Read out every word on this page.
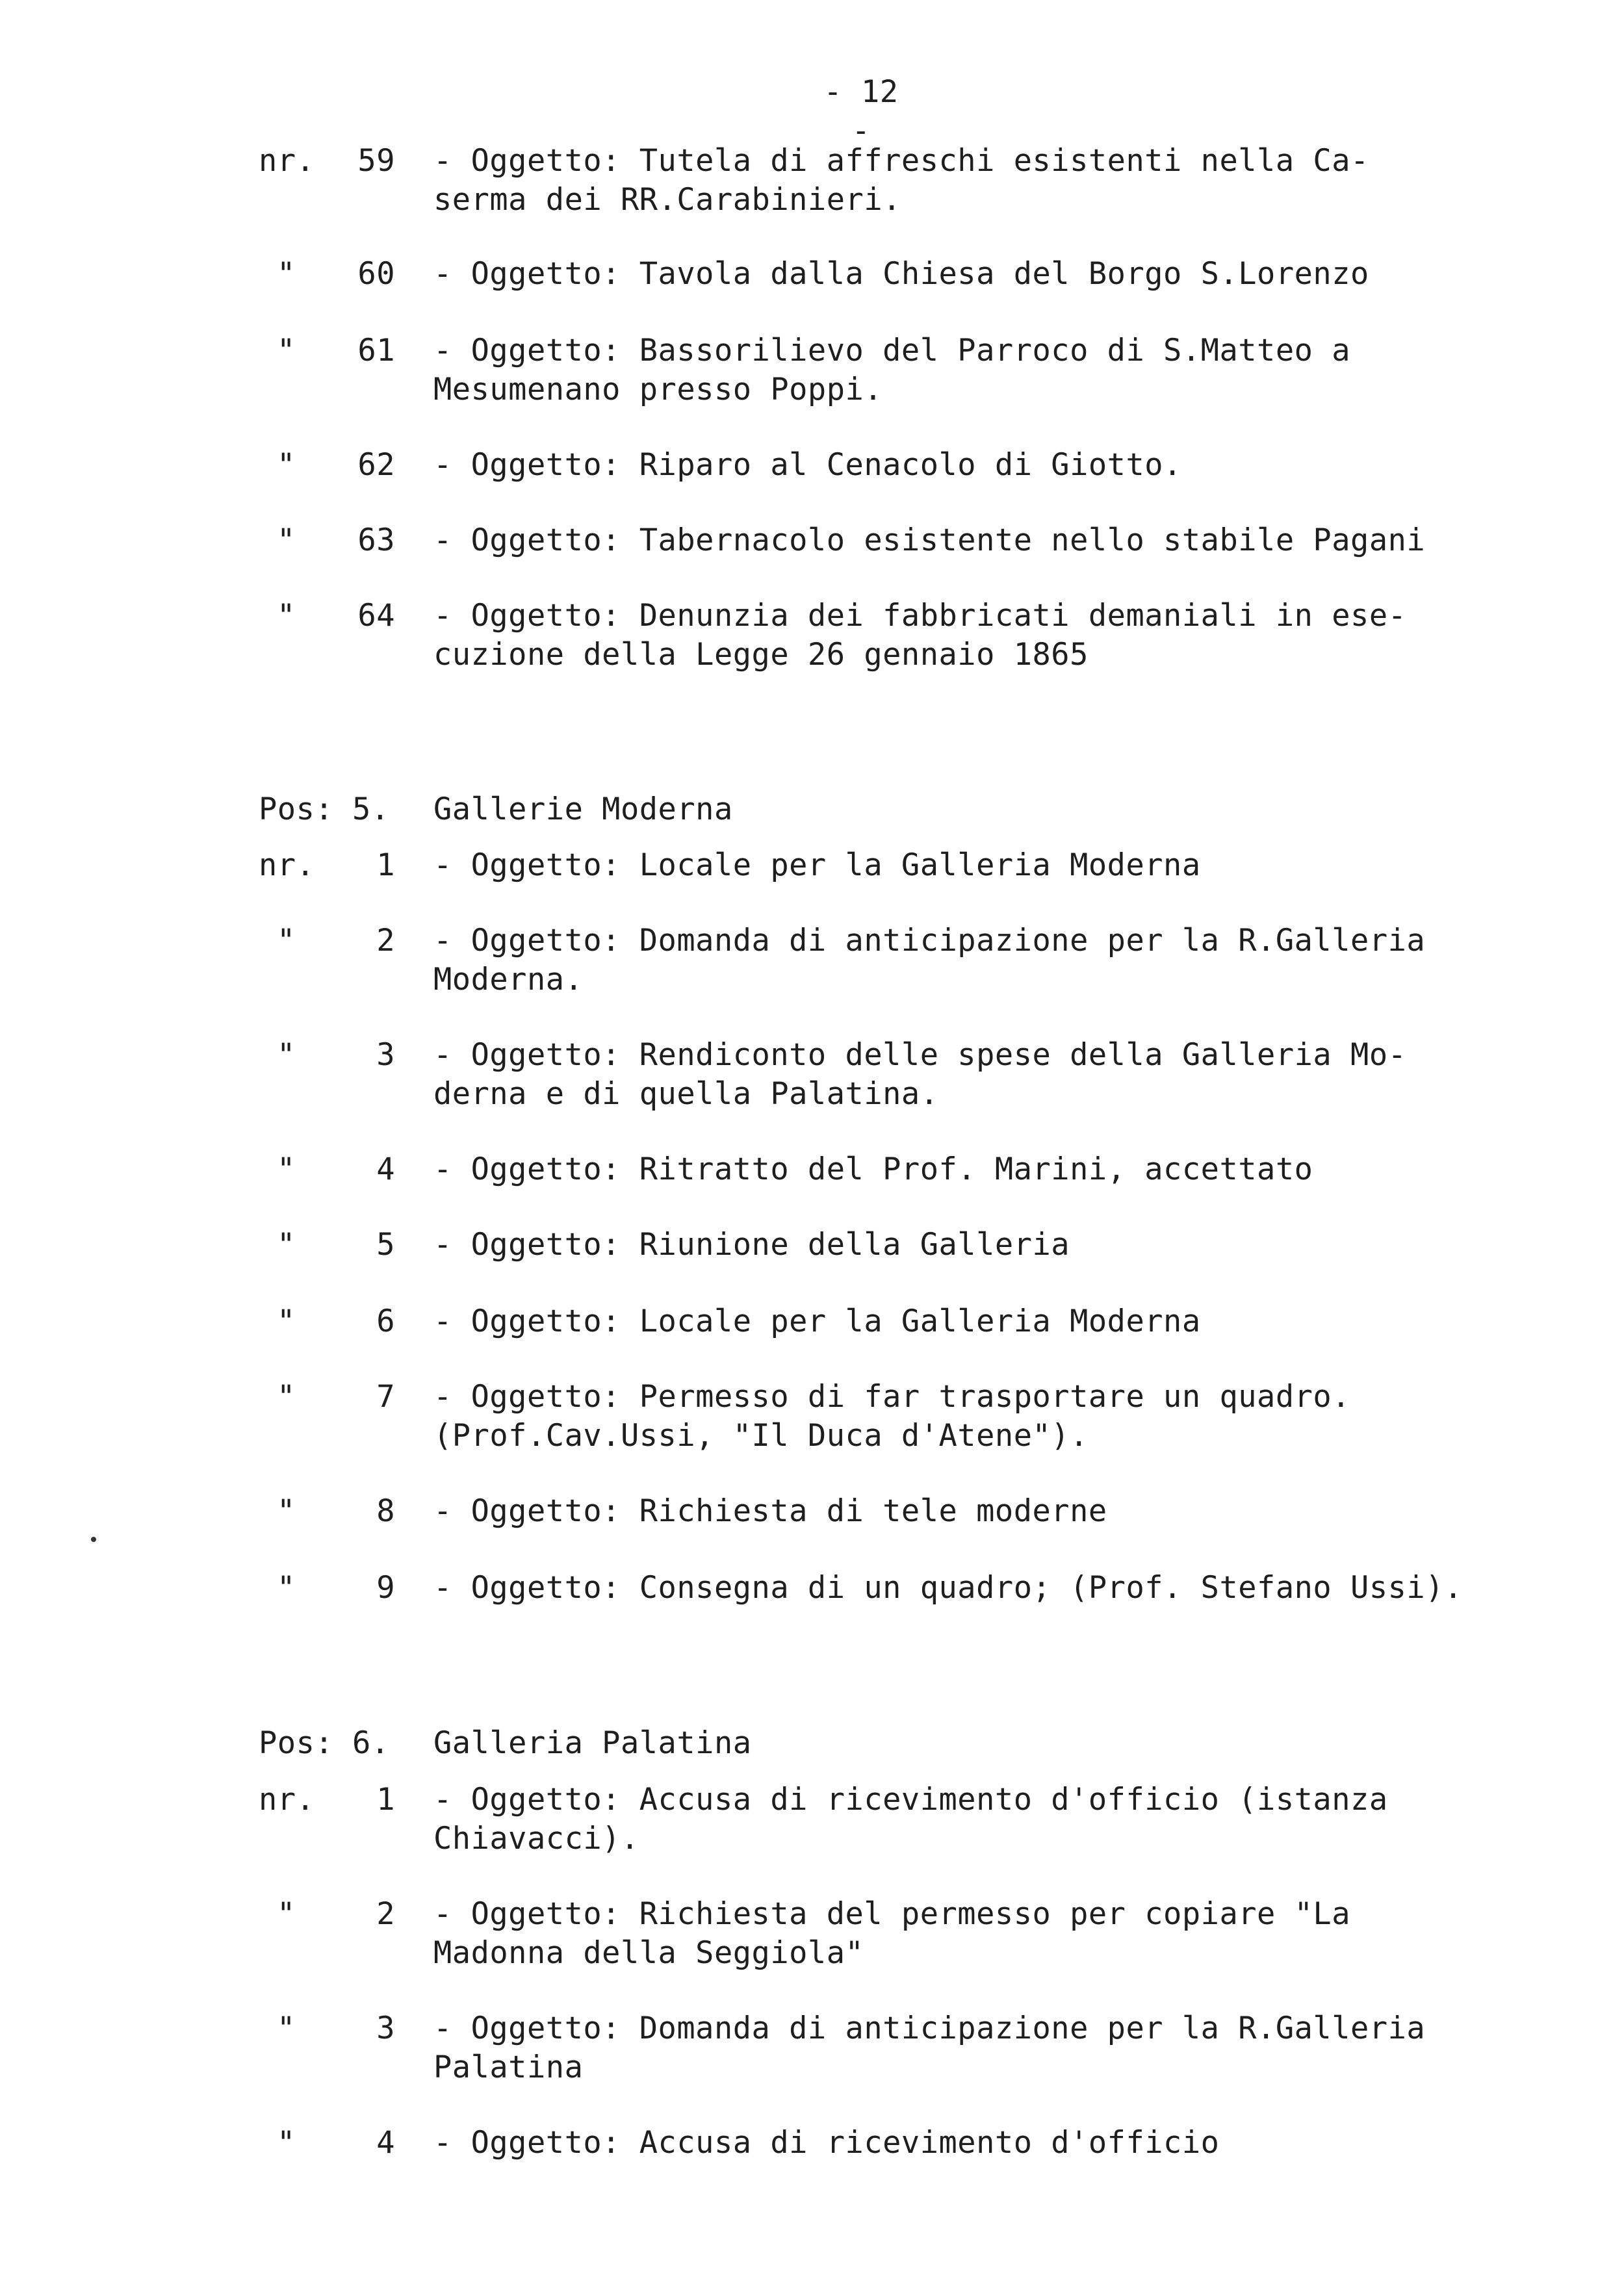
- 12 -
nr. 59	- Oggetto: Tutela di affreschi esistenti nella Ca-
serma dei RR.Carabinieri.
" 60	- Oggetto: Tavola dalla Chiesa del Borgo S.Lorenzo
" 61	- Oggetto: Bassorilievo del Parroco di S.Matteo a
Mesumenano presso Poppi.
" 62	- Oggetto: Riparo al Cenacolo di Giotto.
" 63	- Oggetto: Tabernacolo esistente nello stabile Pagani
" 64	- Oggetto: Denunzia dei fabbricati demaniali in ese-
cuzione della Legge 26 gennaio 1865
Pos: 5. Gallerie Moderna
nr. 1	- Oggetto: Locale per la Galleria Moderna
"	2	- Oggetto: Domanda di anticipazione per la R.Galleria
Moderna.
"	3	- Oggetto: Rendiconto delle spese della Galleria Mo-
derna e di quella Palatina.
"	4	- Oggetto: Ritratto del Prof. Marini, accettato
"	5	- Oggetto: Riunione della Galleria
"	6	- Oggetto: Locale per la Galleria Moderna
"	7	- Oggetto: Permesso di far trasportare un quadro.
(Prof.Cav.Ussi, "Il Duca d'Atene").
"	8	- Oggetto: Richiesta di tele moderne
"	9	- Oggetto: Consegna di un quadro; (Prof. Stefano Ussi).
Pos: 6. Galleria Palatina
nr. 1	- Oggetto: Accusa di ricevimento d'officio (istanza
Chiavacci).
"	2	- Oggetto: Richiesta del permesso per copiare "La
Madonna della Seggiola"
"	3	- Oggetto: Domanda di anticipazione per la R.Galleria
Palatina
"	4	- Oggetto: Accusa di ricevimento d'officio
